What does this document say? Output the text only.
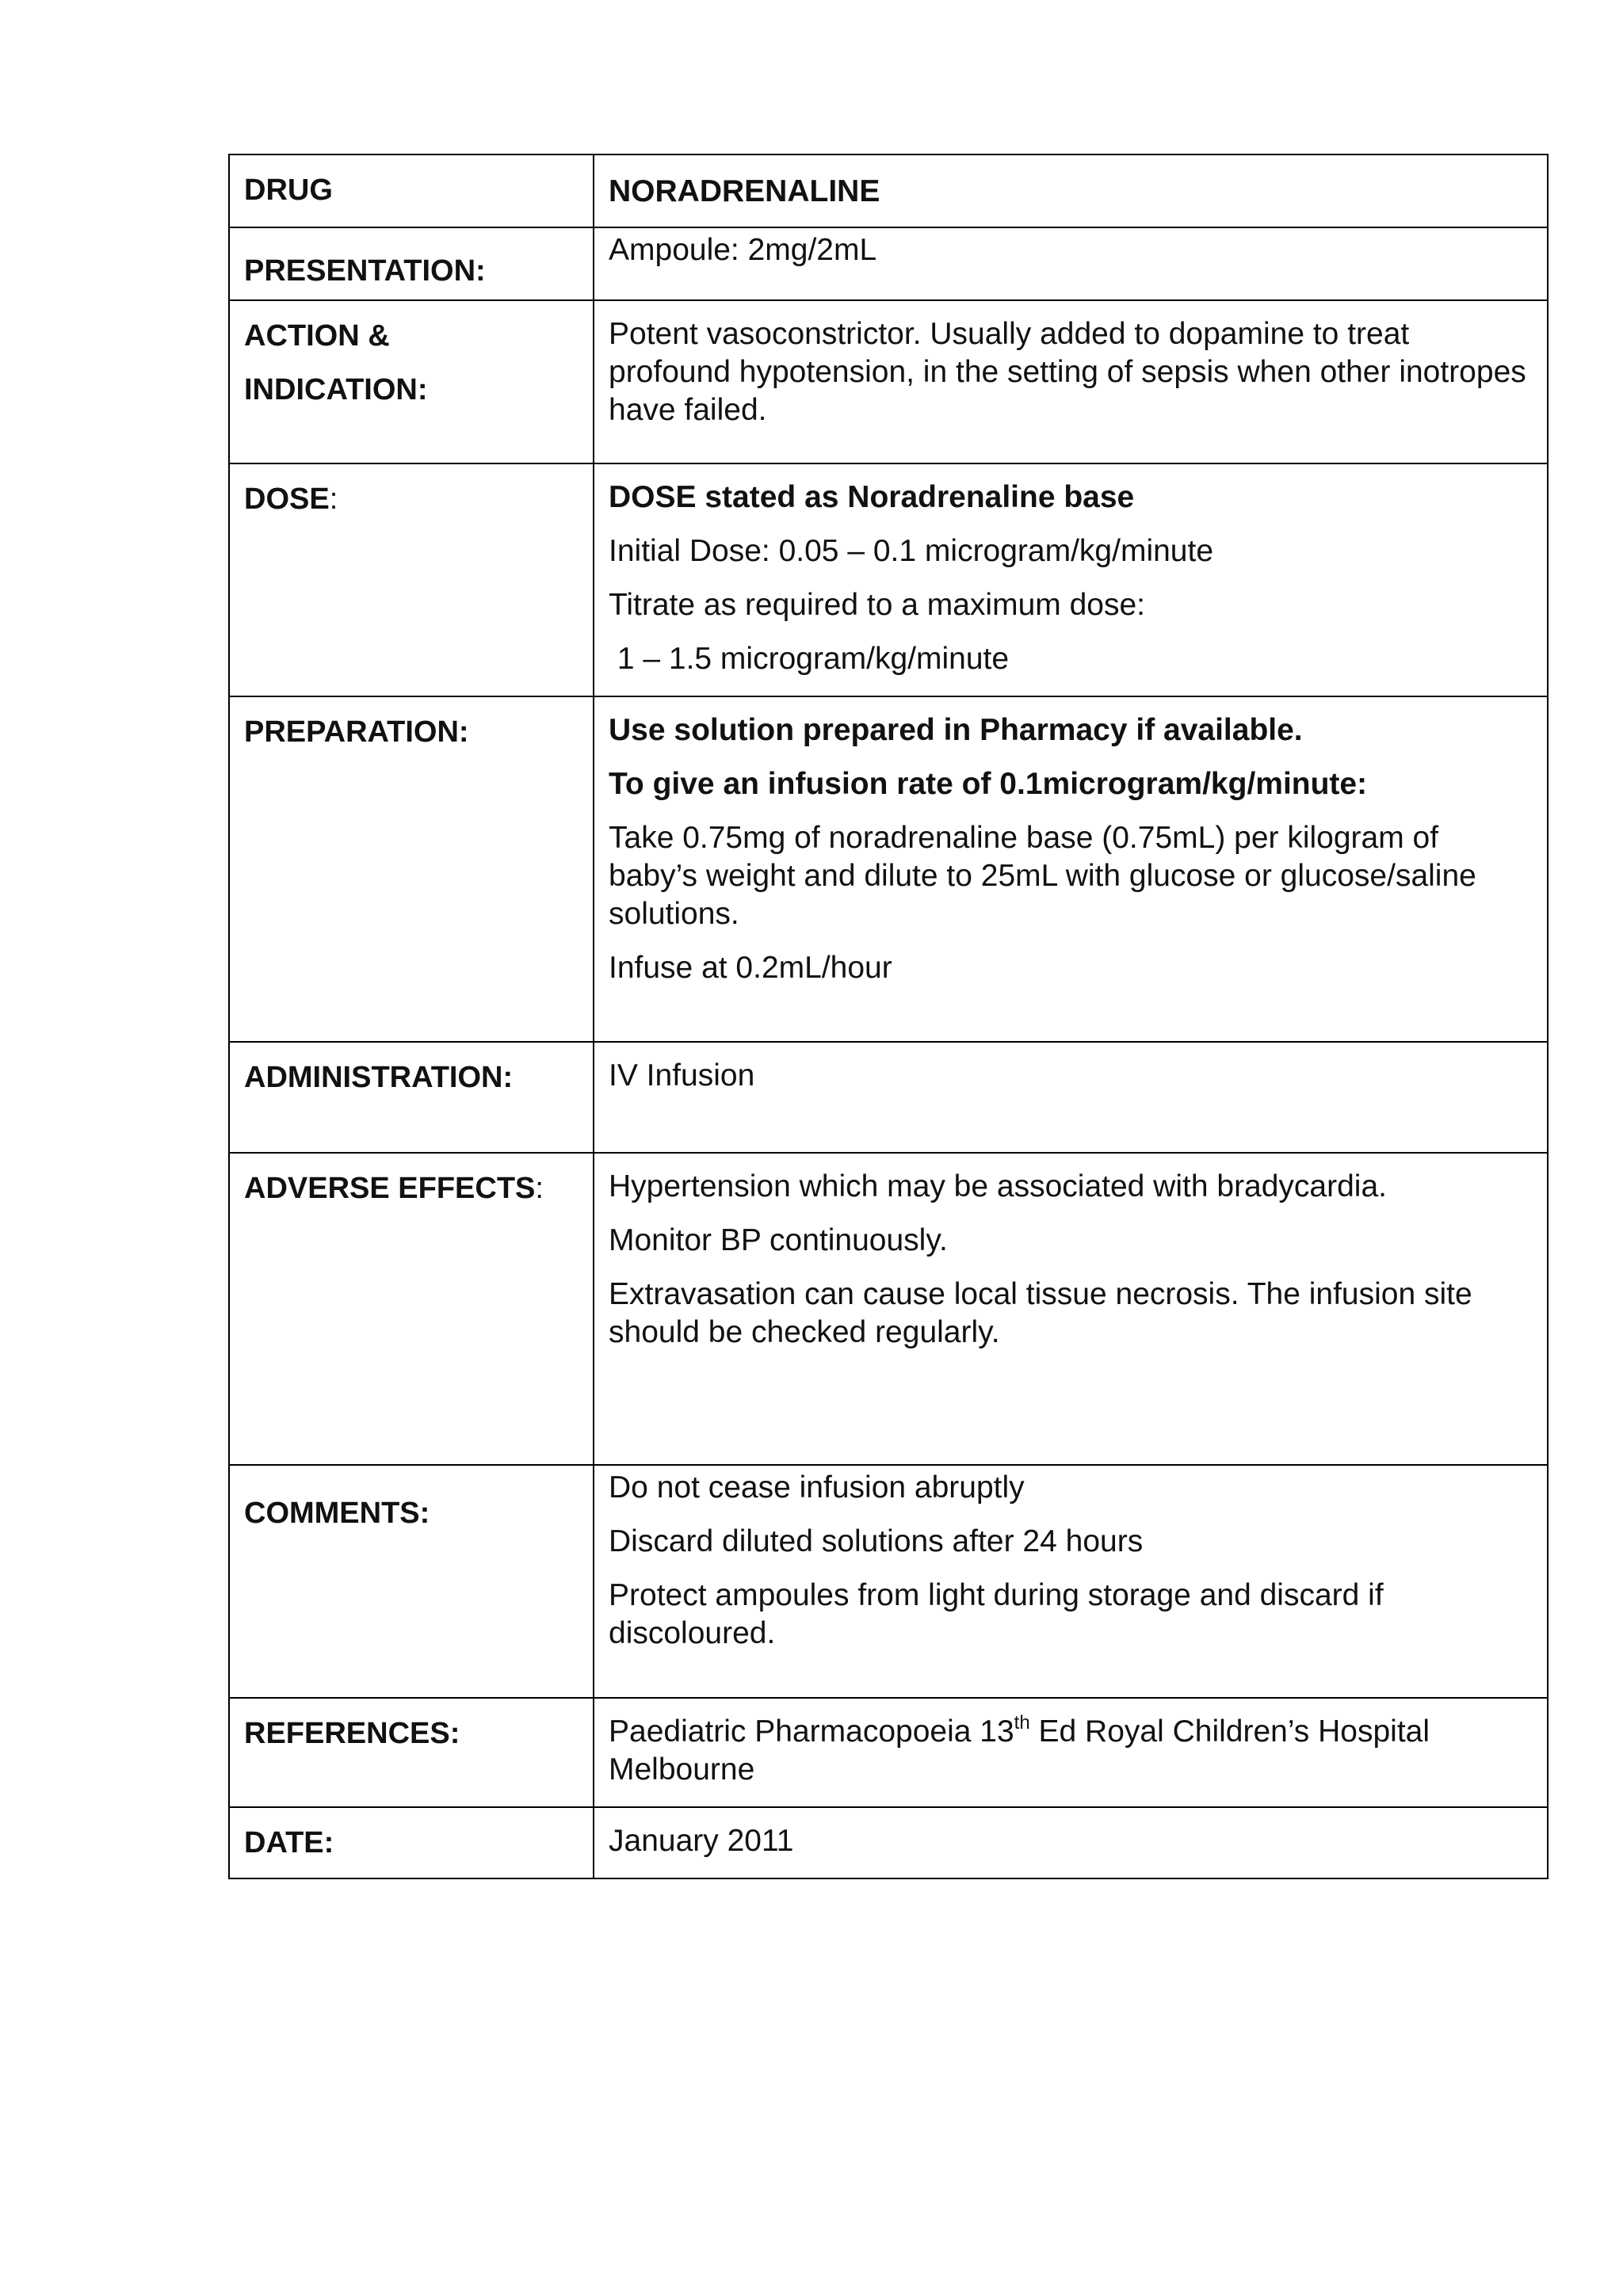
DRUG	NORADRENALINE

PRESENTATION:	Ampoule: 2mg/2mL

ACTION &
INDICATION:	Potent vasoconstrictor. Usually added to dopamine to treat profound hypotension, in the setting of sepsis when other inotropes have failed.

DOSE:	DOSE stated as Noradrenaline base
Initial Dose: 0.05 – 0.1 microgram/kg/minute
Titrate as required to a maximum dose:
1 – 1.5 microgram/kg/minute

PREPARATION:	Use solution prepared in Pharmacy if available.
To give an infusion rate of 0.1microgram/kg/minute:
Take 0.75mg of noradrenaline base (0.75mL) per kilogram of baby’s weight and dilute to 25mL with glucose or glucose/saline solutions.
Infuse at 0.2mL/hour

ADMINISTRATION:	IV Infusion

ADVERSE EFFECTS:	Hypertension which may be associated with bradycardia.
Monitor BP continuously.
Extravasation can cause local tissue necrosis. The infusion site should be checked regularly.

COMMENTS:	Do not cease infusion abruptly
Discard diluted solutions after 24 hours
Protect ampoules from light during storage and discard if discoloured.

REFERENCES:	Paediatric Pharmacopoeia 13th Ed Royal Children’s Hospital Melbourne

DATE:	January 2011
